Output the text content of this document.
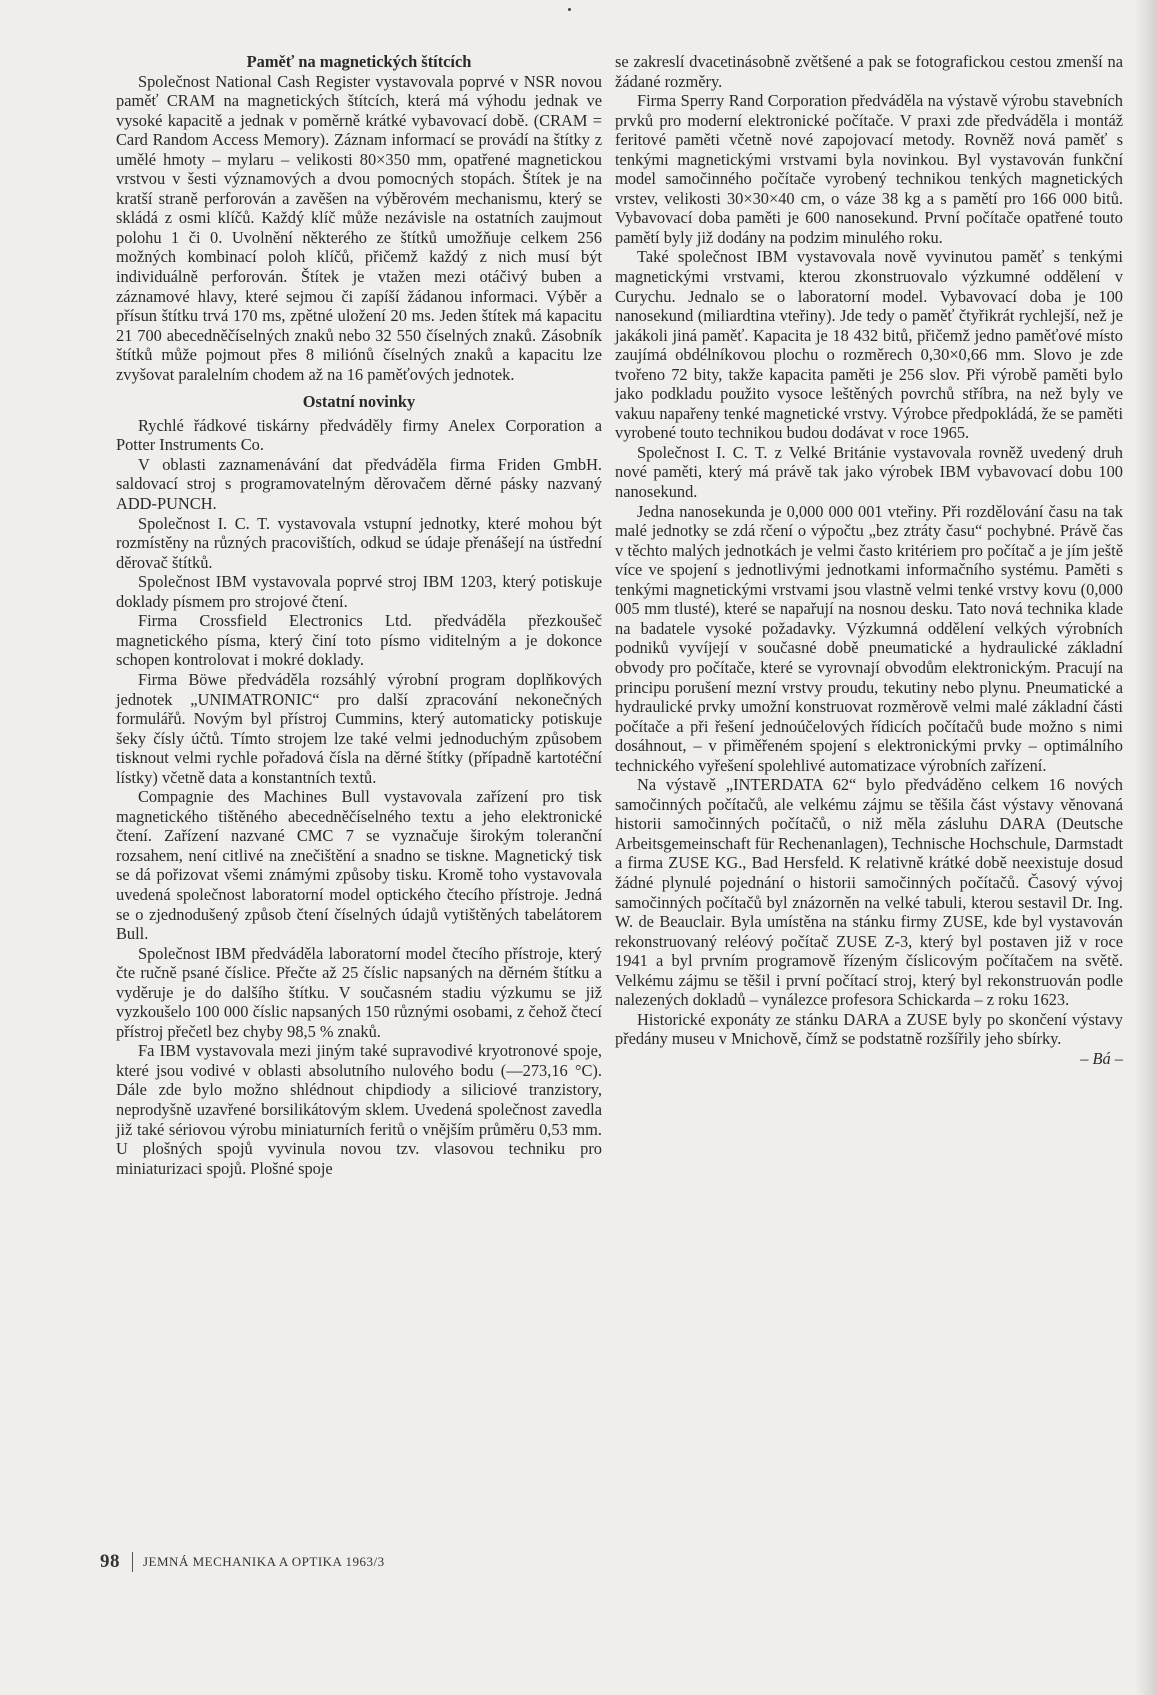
Paměť na magnetických štítcích

Společnost National Cash Register vystavovala poprvé v NSR novou paměť CRAM na magnetických štítcích, která má výhodu jednak ve vysoké kapacitě a jednak v poměrně krátké vybavovací době. (CRAM = Card Random Access Memory). Záznam informací se provádí na štítky z umělé hmoty – mylaru – velikosti 80×350 mm, opatřené magnetickou vrstvou v šesti významových a dvou pomocných stopách. Štítek je na kratší straně perforován a zavěšen na výběrovém mechanismu, který se skládá z osmi klíčů. Každý klíč může nezávisle na ostatních zaujmout polohu 1 či 0. Uvolnění některého ze štítků umožňuje celkem 256 možných kombinací poloh klíčů, přičemž každý z nich musí být individuálně perforován. Štítek je vtažen mezi otáčivý buben a záznamové hlavy, které sejmou či zapíší žádanou informaci. Výběr a přísun štítku trvá 170 ms, zpětné uložení 20 ms. Jeden štítek má kapacitu 21 700 abecedněčíselných znaků nebo 32 550 číselných znaků. Zásobník štítků může pojmout přes 8 miliónů číselných znaků a kapacitu lze zvyšovat paralelním chodem až na 16 paměťových jednotek.

Ostatní novinky

Rychlé řádkové tiskárny předváděly firmy Anelex Corporation a Potter Instruments Co.

V oblasti zaznamenávání dat předváděla firma Friden GmbH. saldovací stroj s programovatelným děrovačem děrné pásky nazvaný ADD-PUNCH.

Společnost I. C. T. vystavovala vstupní jednotky, které mohou být rozmístěny na různých pracovištích, odkud se údaje přenášejí na ústřední děrovač štítků.

Společnost IBM vystavovala poprvé stroj IBM 1203, který potiskuje doklady písmem pro strojové čtení.

Firma Crossfield Electronics Ltd. předváděla přezkoušeč magnetického písma, který činí toto písmo viditelným a je dokonce schopen kontrolovat i mokré doklady.

Firma Böwe předváděla rozsáhlý výrobní program doplňkových jednotek „UNIMATRONIC“ pro další zpracování nekonečných formulářů. Novým byl přístroj Cummins, který automaticky potiskuje šeky čísly účtů. Tímto strojem lze také velmi jednoduchým způsobem tisknout velmi rychle pořadová čísla na děrné štítky (případně kartotéční lístky) včetně data a konstantních textů.

Compagnie des Machines Bull vystavovala zařízení pro tisk magnetického tištěného abecedněčíselného textu a jeho elektronické čtení. Zařízení nazvané CMC 7 se vyznačuje širokým toleranční rozsahem, není citlivé na znečištění a snadno se tiskne. Magnetický tisk se dá pořizovat všemi známými způsoby tisku. Kromě toho vystavovala uvedená společnost laboratorní model optického čtecího přístroje. Jedná se o zjednodušený způsob čtení číselných údajů vytištěných tabelátorem Bull.

Společnost IBM předváděla laboratorní model čtecího přístroje, který čte ručně psané číslice. Přečte až 25 číslic napsaných na děrném štítku a vyděruje je do dalšího štítku. V současném stadiu výzkumu se již vyzkoušelo 100 000 číslic napsaných 150 různými osobami, z čehož čtecí přístroj přečetl bez chyby 98,5 % znaků.

Fa IBM vystavovala mezi jiným také supravodivé kryotronové spoje, které jsou vodivé v oblasti absolutního nulového bodu (—273,16 °C). Dále zde bylo možno shlédnout chipdiody a siliciové tranzistory, neprodyšně uzavřené borsilikátovým sklem. Uvedená společnost zavedla již také sériovou výrobu miniaturních feritů o vnějším průměru 0,53 mm. U plošných spojů vyvinula novou tzv. vlasovou techniku pro miniaturizaci spojů. Plošné spoje

se zakreslí dvacetinásobně zvětšené a pak se fotografickou cestou zmenší na žádané rozměry.

Firma Sperry Rand Corporation předváděla na výstavě výrobu stavebních prvků pro moderní elektronické počítače. V praxi zde předváděla i montáž feritové paměti včetně nové zapojovací metody. Rovněž nová paměť s tenkými magnetickými vrstvami byla novinkou. Byl vystavován funkční model samočinného počítače vyrobený technikou tenkých magnetických vrstev, velikosti 30×30×40 cm, o váze 38 kg a s pamětí pro 166 000 bitů. Vybavovací doba paměti je 600 nanosekund. První počítače opatřené touto pamětí byly již dodány na podzim minulého roku.

Také společnost IBM vystavovala nově vyvinutou paměť s tenkými magnetickými vrstvami, kterou zkonstruovalo výzkumné oddělení v Curychu. Jednalo se o laboratorní model. Vybavovací doba je 100 nanosekund (miliardtina vteřiny). Jde tedy o paměť čtyřikrát rychlejší, než je jakákoli jiná paměť. Kapacita je 18 432 bitů, přičemž jedno paměťové místo zaujímá obdélníkovou plochu o rozměrech 0,30×0,66 mm. Slovo je zde tvořeno 72 bity, takže kapacita paměti je 256 slov. Při výrobě paměti bylo jako podkladu použito vysoce leštěných povrchů stříbra, na než byly ve vakuu napařeny tenké magnetické vrstvy. Výrobce předpokládá, že se paměti vyrobené touto technikou budou dodávat v roce 1965.

Společnost I. C. T. z Velké Británie vystavovala rovněž uvedený druh nové paměti, který má právě tak jako výrobek IBM vybavovací dobu 100 nanosekund.

Jedna nanosekunda je 0,000 000 001 vteřiny. Při rozdělování času na tak malé jednotky se zdá rčení o výpočtu „bez ztráty času“ pochybné. Právě čas v těchto malých jednotkách je velmi často kritériem pro počítač a je jím ještě více ve spojení s jednotlivými jednotkami informačního systému. Paměti s tenkými magnetickými vrstvami jsou vlastně velmi tenké vrstvy kovu (0,000 005 mm tlusté), které se napařují na nosnou desku. Tato nová technika klade na badatele vysoké požadavky. Výzkumná oddělení velkých výrobních podniků vyvíjejí v současné době pneumatické a hydraulické základní obvody pro počítače, které se vyrovnají obvodům elektronickým. Pracují na principu porušení mezní vrstvy proudu, tekutiny nebo plynu. Pneumatické a hydraulické prvky umožní konstruovat rozměrově velmi malé základní části počítače a při řešení jednoúčelových řídicích počítačů bude možno s nimi dosáhnout, – v přiměřeném spojení s elektronickými prvky – optimálního technického vyřešení spolehlivé automatizace výrobních zařízení.

Na výstavě „INTERDATA 62“ bylo předváděno celkem 16 nových samočinných počítačů, ale velkému zájmu se těšila část výstavy věnovaná historii samočinných počítačů, o niž měla zásluhu DARA (Deutsche Arbeitsgemeinschaft für Rechenanlagen), Technische Hochschule, Darmstadt a firma ZUSE KG., Bad Hersfeld. K relativně krátké době neexistuje dosud žádné plynulé pojednání o historii samočinných počítačů. Časový vývoj samočinných počítačů byl znázorněn na velké tabuli, kterou sestavil Dr. Ing. W. de Beauclair. Byla umístěna na stánku firmy ZUSE, kde byl vystavován rekonstruovaný reléový počítač ZUSE Z-3, který byl postaven již v roce 1941 a byl prvním programově řízeným číslicovým počítačem na světě. Velkému zájmu se těšil i první počítací stroj, který byl rekonstruován podle nalezených dokladů – vynálezce profesora Schickarda – z roku 1623.

Historické exponáty ze stánku DARA a ZUSE byly po skončení výstavy předány museu v Mnichově, čímž se podstatně rozšířily jeho sbírky.
– Bá –

98 JEMNÁ MECHANIKA A OPTIKA 1963/3
